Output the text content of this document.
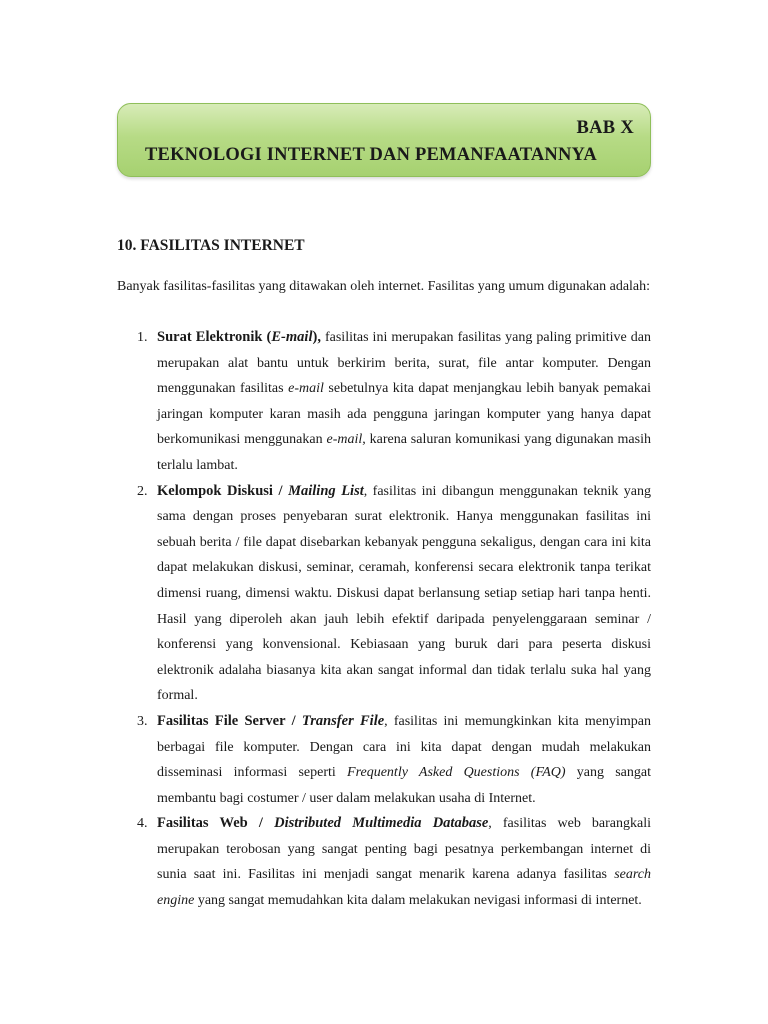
BAB X
TEKNOLOGI INTERNET DAN PEMANFAATANNYA
10. FASILITAS INTERNET

Banyak fasilitas-fasilitas yang ditawakan oleh internet. Fasilitas yang umum digunakan adalah:

1. Surat Elektronik (E-mail), fasilitas ini merupakan fasilitas yang paling primitive dan merupakan alat bantu untuk berkirim berita, surat, file antar komputer. Dengan menggunakan fasilitas e-mail sebetulnya kita dapat menjangkau lebih banyak pemakai jaringan komputer karan masih ada pengguna jaringan komputer yang hanya dapat berkomunikasi menggunakan e-mail, karena saluran komunikasi yang digunakan masih terlalu lambat.
2. Kelompok Diskusi / Mailing List, fasilitas ini dibangun menggunakan teknik yang sama dengan proses penyebaran surat elektronik. Hanya menggunakan fasilitas ini sebuah berita / file dapat disebarkan kebanyak pengguna sekaligus, dengan cara ini kita dapat melakukan diskusi, seminar, ceramah, konferensi secara elektronik tanpa terikat dimensi ruang, dimensi waktu. Diskusi dapat berlansung setiap setiap hari tanpa henti. Hasil yang diperoleh akan jauh lebih efektif daripada penyelenggaraan seminar / konferensi yang konvensional. Kebiasaan yang buruk dari para peserta diskusi elektronik adalaha biasanya kita akan sangat informal dan tidak terlalu suka hal yang formal.
3. Fasilitas File Server / Transfer File, fasilitas ini memungkinkan kita menyimpan berbagai file komputer. Dengan cara ini kita dapat dengan mudah melakukan disseminasi informasi seperti Frequently Asked Questions (FAQ) yang sangat membantu bagi costumer / user dalam melakukan usaha di Internet.
4. Fasilitas Web / Distributed Multimedia Database, fasilitas web barangkali merupakan terobosan yang sangat penting bagi pesatnya perkembangan internet di sunia saat ini. Fasilitas ini menjadi sangat menarik karena adanya fasilitas search engine yang sangat memudahkan kita dalam melakukan nevigasi informasi di internet.
